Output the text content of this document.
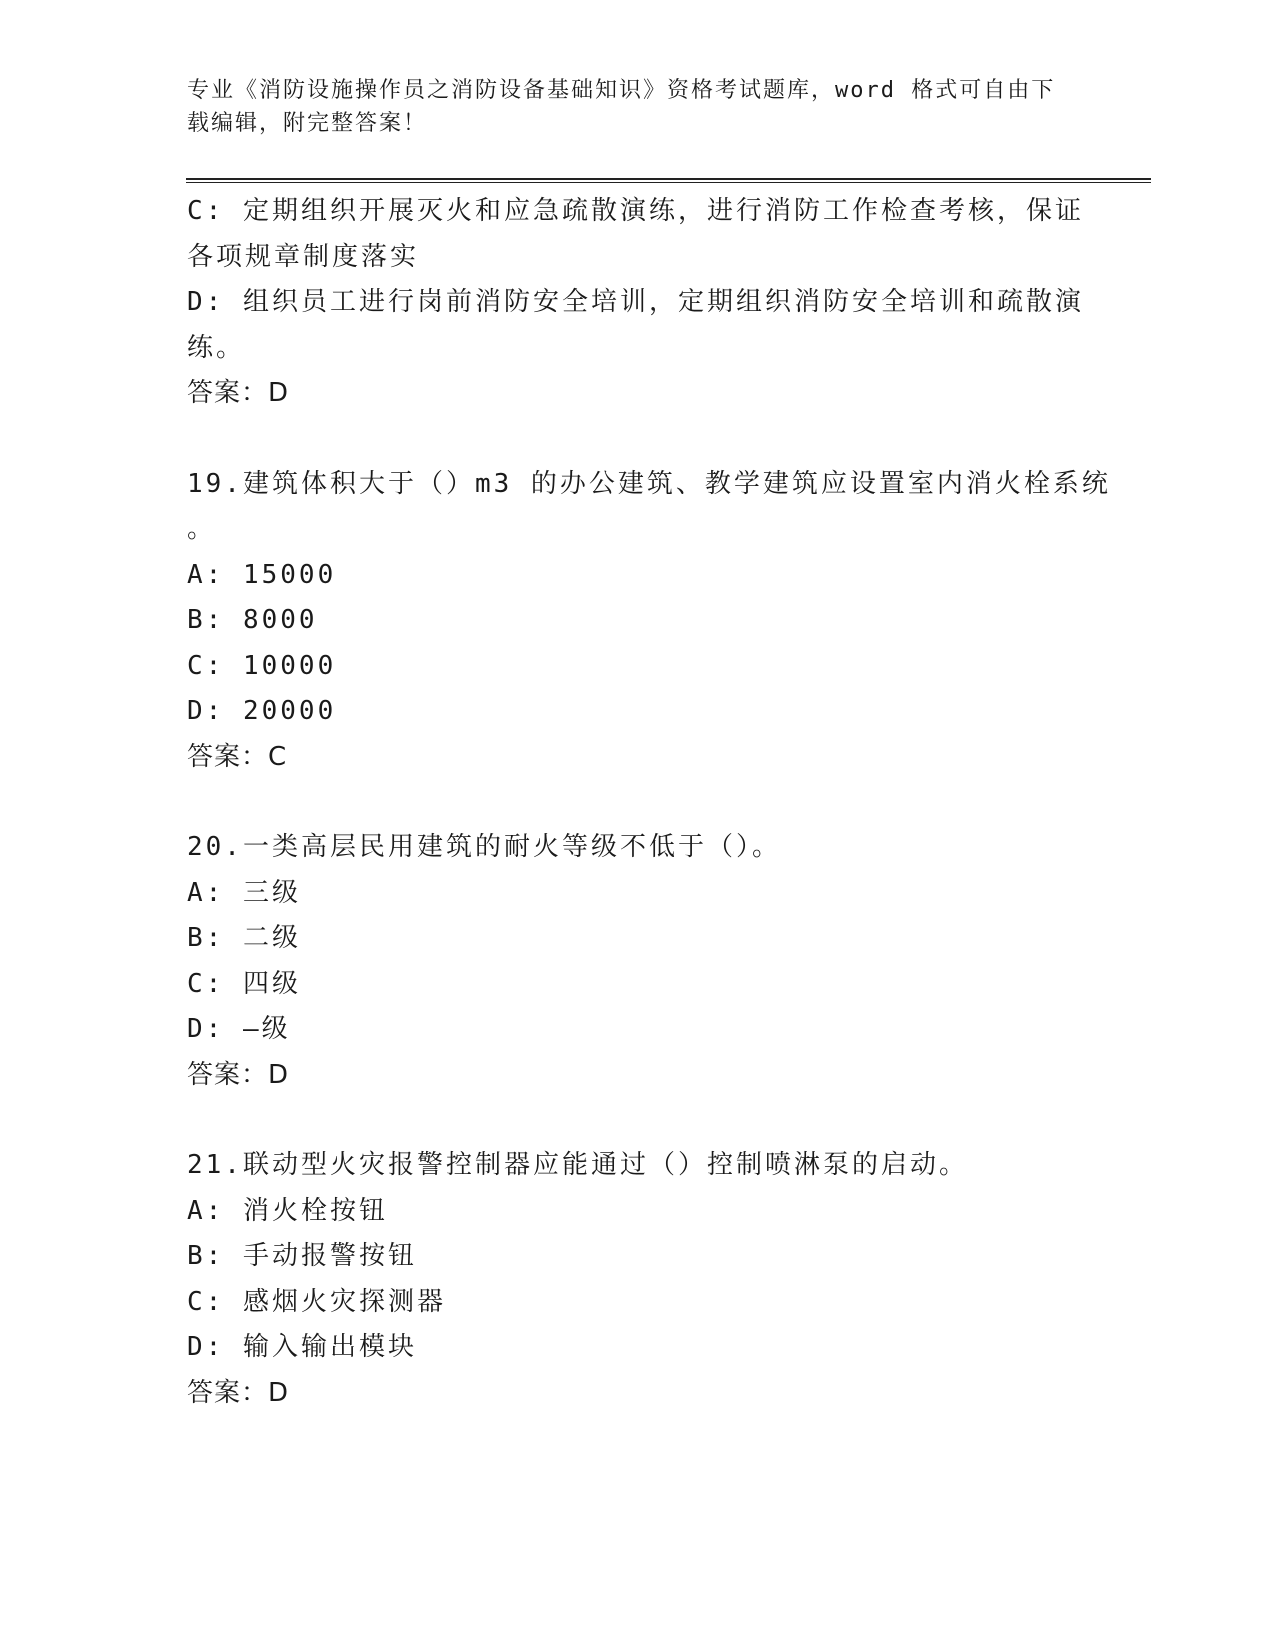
专业《消防设施操作员之消防设备基础知识》资格考试题库，word 格式可自由下
载编辑，附完整答案！
C: 定期组织开展灭火和应急疏散演练，进行消防工作检查考核，保证
各项规章制度落实
D: 组织员工进行岗前消防安全培训，定期组织消防安全培训和疏散演
练。
答案：D
19.建筑体积大于（）m3 的办公建筑、教学建筑应设置室内消火栓系统
。
A: 15000
B: 8000
C: 10000
D: 20000
答案：C
20.一类高层民用建筑的耐火等级不低于（）。
A: 三级
B: 二级
C: 四级
D: —级
答案：D
21.联动型火灾报警控制器应能通过（）控制喷淋泵的启动。
A: 消火栓按钮
B: 手动报警按钮
C: 感烟火灾探测器
D: 输入输出模块
答案：D
